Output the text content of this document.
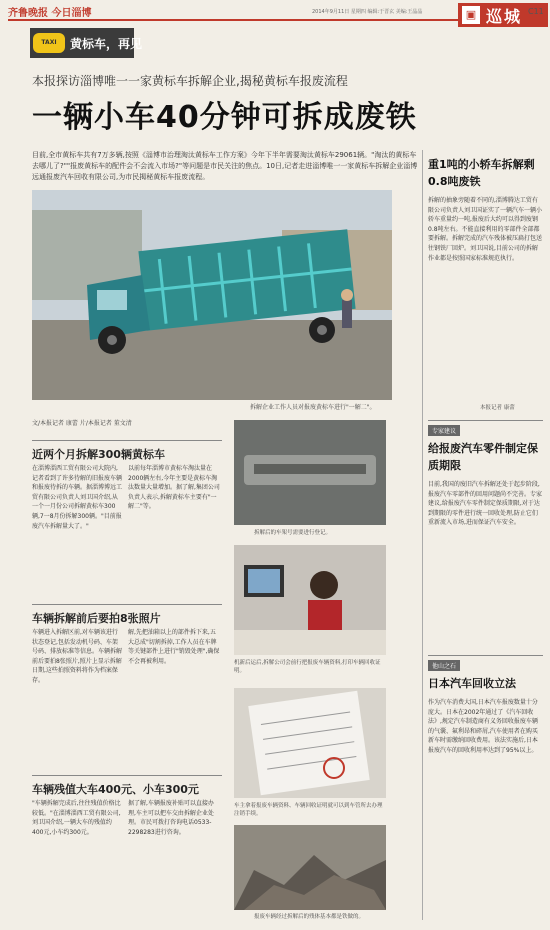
齐鲁晚报 今日淄博	2014年9月11日 星期四 编辑:于晋玄 美编:王晶晶	▣ 巡城 C11
TAXI	黄标车，再见
本报探访淄博唯一一家黄标车拆解企业,揭秘黄标车报废流程
一辆小车40分钟可拆成废铁
目前,全市黄标车共有7万多辆,按照《淄博市治理淘汰黄标车工作方案》今年下半年需要淘汰黄标车29061辆。"淘汰的黄标车去哪儿了?""报废黄标车的配件会不会流入市场?"等问题是市民关注的焦点。10日,记者走进淄博唯一一家黄标车拆解企业淄博远通报废汽车回收有限公司,为市民揭秘黄标车报废流程。
拆解企业工作人员对报废黄标车进行"一解二"。
文/本报记者 康蕾 片/本报记者 董文清
近两个月拆解300辆黄标车
在淄博淄西工贸有限公司大院内,记者看到了许多待解的旧报废车辆和报废待拆的车辆。据淄博博远工贸有限公司负责人刘卫国介绍,从一个一月份公司拆解黄标车300辆,7一8月份拆解300辆。"目前报废汽车拆解量大了。"
以前每年淄博市黄标车淘汰量在2000辆左右,今年主要是黄标车淘汰数量大量增加。据了解,集团公司负责人表示,拆解黄标车主要有"一解二"等。
车辆拆解前后要拍8张照片
车辆进入拆解区前,对车辆该进行状态登记,包括发动机号码、车架号码、排放标准等信息。车辆拆解前后要拍8张照片,照片上显示拆解日期,这些拍照资料将作为档案保存。
解,先把油箱以上的部件拆下来,五大总成"切割拆掉,工作人员在车牌等关键部件上进行"销毁处理",确保不会再被利用。
车辆残值大车400元、小车300元
"车辆拆解完成后,往往残值价格比较低。"在淄博淄西工贸有限公司,刘卫国介绍,一辆大车的残值约400元,小车约300元。
据了解,车辆报废补贴可以直接办理,车主可以把车交由拆解企业处理。市民可拨打咨询电话0533-2298283进行咨询。
拆解后的车架号需要进行登记。
机新后运后,拆解公司会前行把报废车辆资料,打印车辆回收证明。
车主拿着报废车辆资料、车辆回收证明就可以到车管所去办理注销手续。
报废车辆经过拆解后的残体基本都是铁做的。
重1吨的小轿车拆解剩0.8吨废铁
拆解的抽象旁随着不同的,淄博腾达工贸有限公司负责人刘卫国证实了一辆汽车一辆小轿车重量约一吨,报废后大约可以得到废钢0.8吨左右。不能直接利用的零部件全部都要拆解。拆解完成的汽车残体被压扁打包送往钢铁厂回炉。刘卫国说,目前公司的拆解作业都是按照国家标准规范执行。
本报记者 康蕾
专家建议
给报废汽车零件制定保质期限
目前,我国的废旧汽车拆解还处于起步阶段,报废汽车零部件的回用问题尚不完善。专家建议,给报废汽车零件制定保质期限,对于达到期限的零件进行统一回收处理,防止它们重新流入市场,进而保证汽车安全。
他山之石
日本汽车回收立法
作为汽车消费大国,日本汽车报废数量十分庞大。日本在2002年通过了《汽车回收法》,规定汽车制造商有义务回收报废车辆的气囊、氟利昂和碎屑,汽车使用者在购买新车时需缴纳回收费用。该法实施后,日本报废汽车的回收利用率达到了95%以上。
